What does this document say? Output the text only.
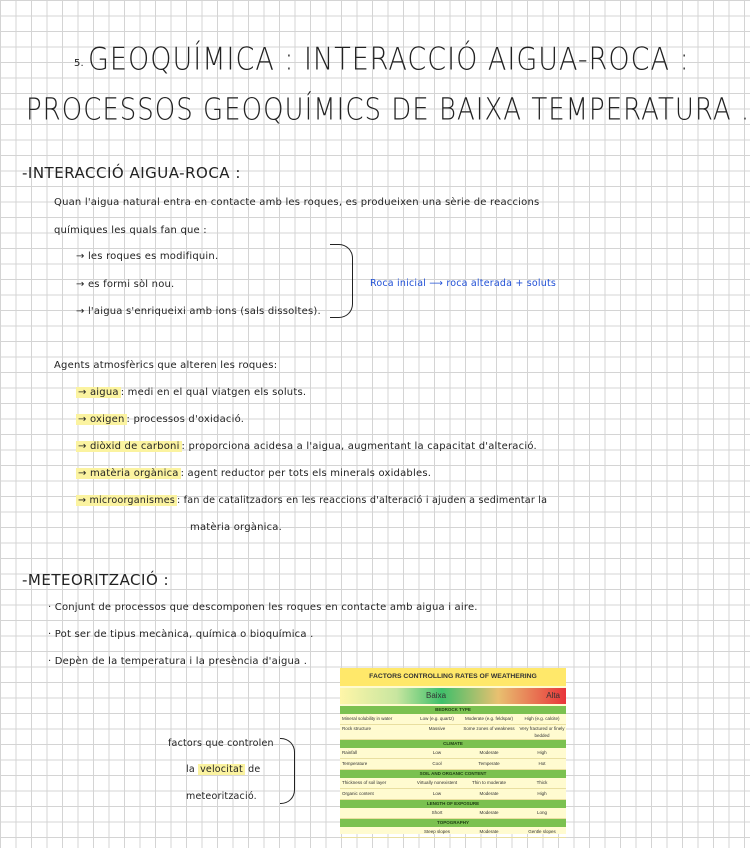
5. GEOQUÍMICA : INTERACCIÓ AIGUA-ROCA :
PROCESSOS GEOQUÍMICS DE BAIXA TEMPERATURA .
-INTERACCIÓ AIGUA-ROCA :
Quan l'aigua natural entra en contacte amb les roques, es produeixen una sèrie de reaccions
químiques les quals fan que :
→ les roques es modifiquin.
→ es formi sòl nou.
→ l'aigua s'enriqueixi amb ions (sals dissoltes).
Roca inicial ⟶ roca alterada + soluts
Agents atmosfèrics que alteren les roques:
→ aigua : medi en el qual viatgen els soluts.
→ oxigen : processos d'oxidació.
→ diòxid de carboni : proporciona acidesa a l'aigua, augmentant la capacitat d'alteració.
→ matèria orgànica : agent reductor per tots els minerals oxidables.
→ microorganismes : fan de catalitzadors en les reaccions d'alteració i ajuden a sedimentar la
matèria orgànica.
-METEORITZACIÓ :
· Conjunt de processos que descomponen les roques en contacte amb aigua i aire.
· Pot ser de tipus mecànica, química o bioquímica .
· Depèn de la temperatura i la presència d'aigua .
factors que controlen
la velocitat de
meteorització.
FACTORS CONTROLLING RATES OF WEATHERING
Baixa	Alta
BEDROCK TYPE
Mineral solubility in water	Low (e.g. quartz)	Moderate (e.g. feldspar)	High (e.g. calcite)
Rock structure	Massive	Some zones of weakness	Very fractured or finely bedded
CLIMATE
Rainfall	Low	Moderate	High
Temperature	Cool	Temperate	Hot
SOIL AND ORGANIC CONTENT
Thickness of soil layer	Virtually nonexistent	Thin to moderate	Thick
Organic content	Low	Moderate	High
LENGTH OF EXPOSURE
Short	Moderate	Long
TOPOGRAPHY
Steep slopes	Moderate	Gentle slopes
